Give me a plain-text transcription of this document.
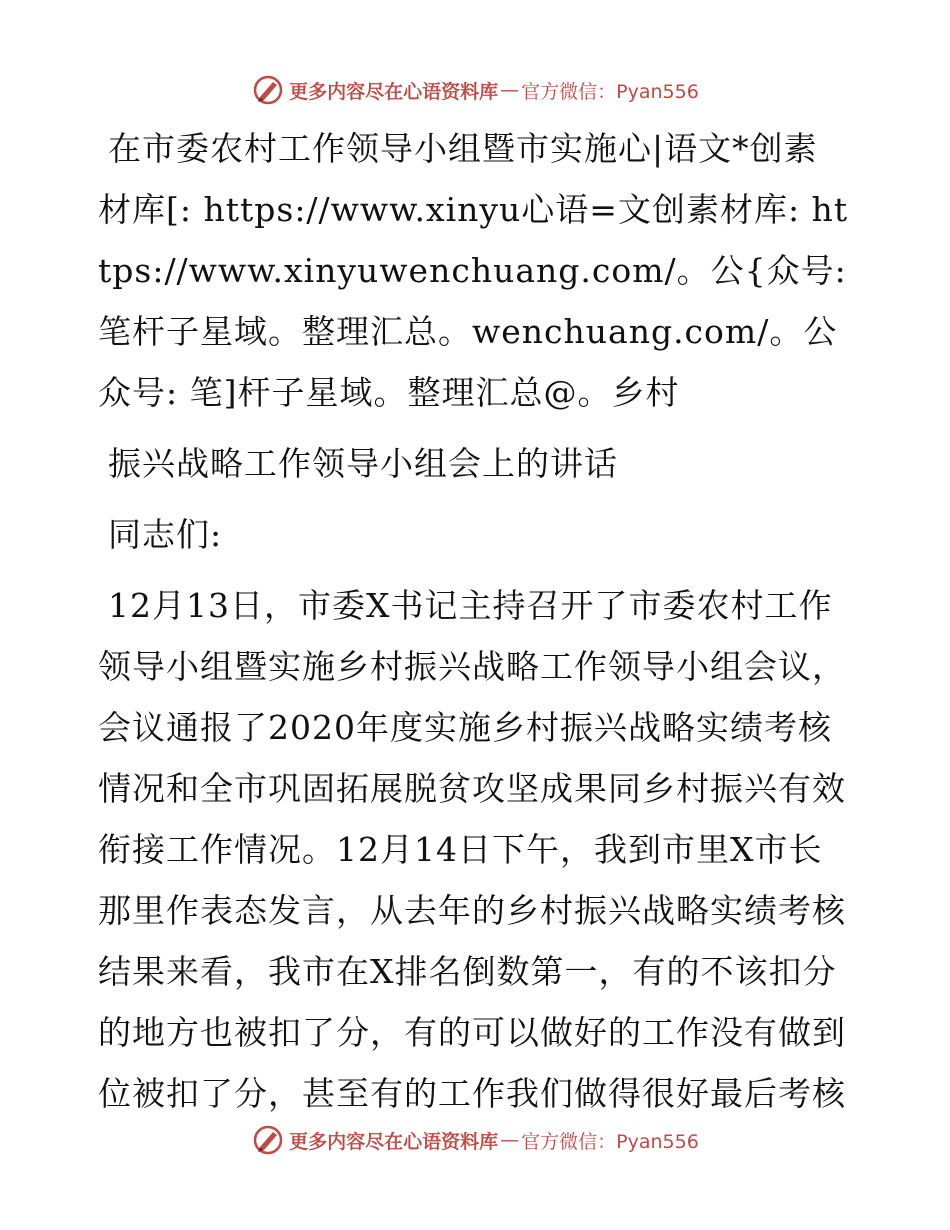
更多内容尽在心语资料库 — 官方微信：Pyan556

在市委农村工作领导小组暨市实施心|语文*创素材库[: https://www.xinyu心语=文创素材库: https://www.xinyuwenchuang.com/。公{众号: 笔杆子星域。整理汇总。wenchuang.com/。公众号: 笔]杆子星域。整理汇总@。乡村

振兴战略工作领导小组会上的讲话

同志们:

12月13日，市委X书记主持召开了市委农村工作领导小组暨实施乡村振兴战略工作领导小组会议，会议通报了2020年度实施乡村振兴战略实绩考核情况和全市巩固拓展脱贫攻坚成果同乡村振兴有效衔接工作情况。12月14日下午，我到市里X市长那里作表态发言，从去年的乡村振兴战略实绩考核结果来看，我市在X排名倒数第一，有的不该扣分的地方也被扣了分，有的可以做好的工作没有做到位被扣了分，甚至有的工作我们做得很好最后考核

更多内容尽在心语资料库 — 官方微信：Pyan556
